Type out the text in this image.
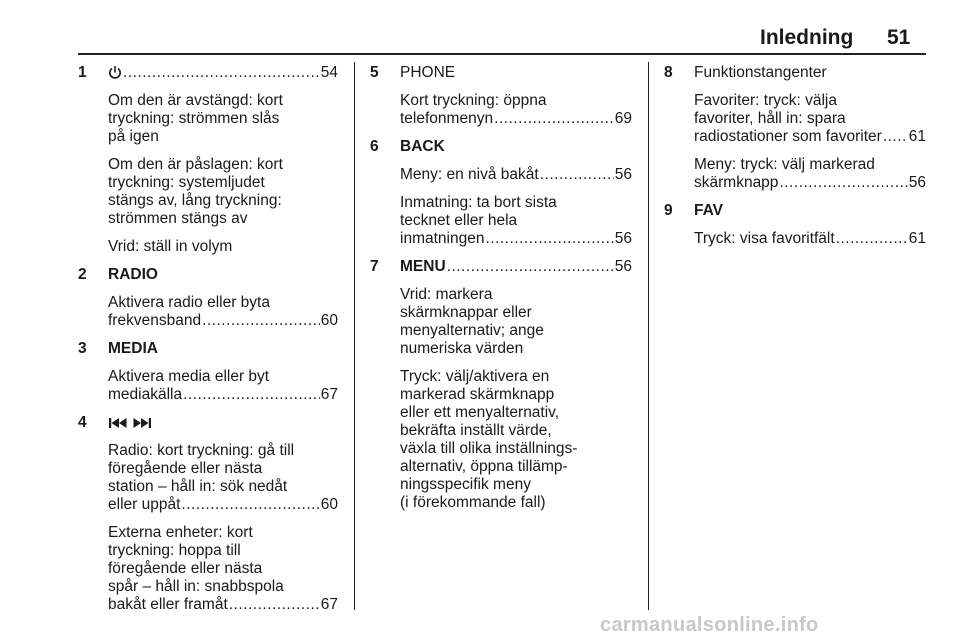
Inledning 51
1 .....	54
Om den är avstängd: kort
tryckning: strömmen slås
på igen
Om den är påslagen: kort
tryckning: systemljudet
stängs av, lång tryckning:
strömmen stängs av
Vrid: ställ in volym
2	RADIO
Aktivera radio eller byta
frekvensband .....	60
3	MEDIA
Aktivera media eller byt
mediakälla .....	67
4

Radio: kort tryckning: gå till
föregående eller nästa
station – håll in: sök nedåt
eller uppåt .....	60
Externa enheter: kort
tryckning: hoppa till
föregående eller nästa
spår – håll in: snabbspola
bakåt eller framåt .....	67
5	PHONE
Kort tryckning: öppna
telefonmenyn .....	69
6	BACK
Meny: en nivå bakåt .....	56
Inmatning: ta bort sista
tecknet eller hela
inmatningen .....	56
7	MENU .....	56
Vrid: markera
skärmknappar eller
menyalternativ; ange
numeriska värden
Tryck: välj/aktivera en
markerad skärmknapp
eller ett menyalternativ,
bekräfta inställt värde,
växla till olika inställnings-
alternativ, öppna tillämp-
ningsspecifik meny
(i förekommande fall)
8	Funktionstangenter
Favoriter: tryck: välja
favoriter, håll in: spara
radiostationer som favoriter ..... 61
Meny: tryck: välj markerad
skärmknapp .....	56
9	FAV
Tryck: visa favoritfält .....	61
carmanualsonline.info
